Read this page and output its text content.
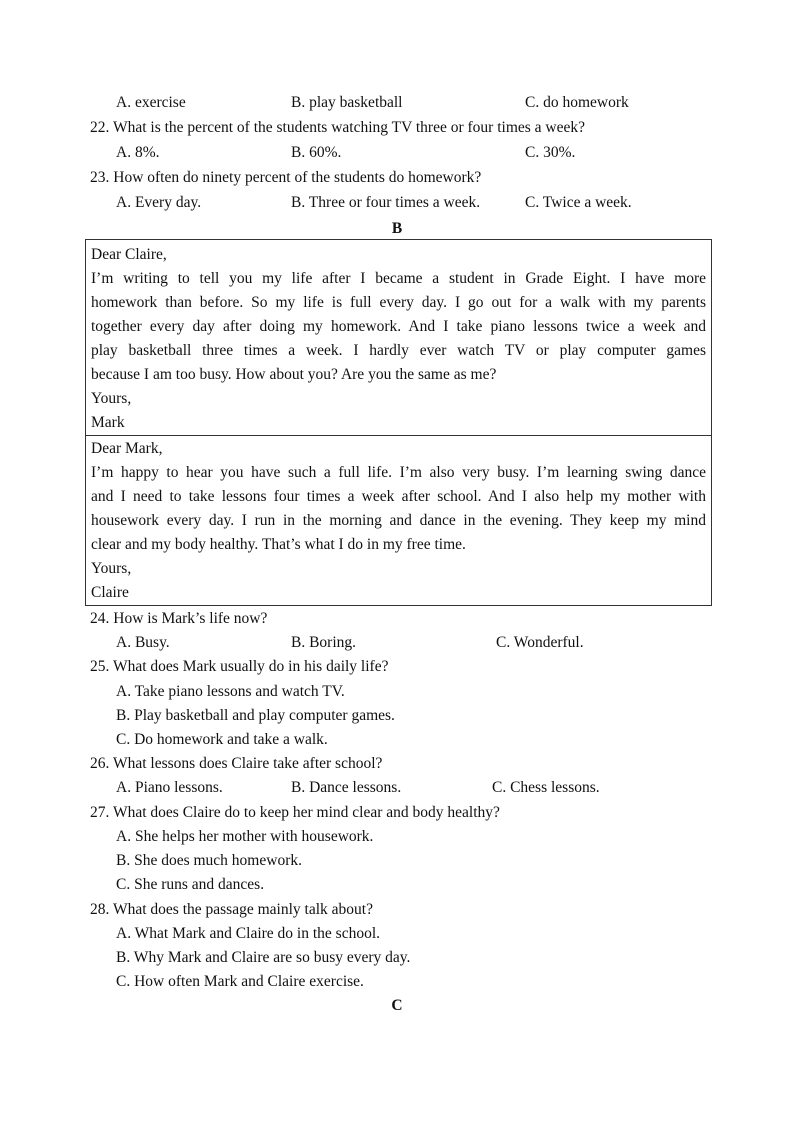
A. exercise	B. play basketball	C. do homework
22. What is the percent of the students watching TV three or four times a week?
A. 8%.	B. 60%.	C. 30%.
23. How often do ninety percent of the students do homework?
A. Every day.	B. Three or four times a week.	C. Twice a week.
B
Dear Claire,
I’m writing to tell you my life after I became a student in Grade Eight. I have more
homework than before. So my life is full every day. I go out for a walk with my parents
together every day after doing my homework. And I take piano lessons twice a week and
play basketball three times a week. I hardly ever watch TV or play computer games
because I am too busy. How about you? Are you the same as me?
Yours,
Mark
Dear Mark,
I’m happy to hear you have such a full life. I’m also very busy. I’m learning swing dance
and I need to take lessons four times a week after school. And I also help my mother with
housework every day. I run in the morning and dance in the evening. They keep my mind
clear and my body healthy. That’s what I do in my free time.
Yours,
Claire
24. How is Mark’s life now?
A. Busy.	B. Boring.	C. Wonderful.
25. What does Mark usually do in his daily life?
A. Take piano lessons and watch TV.
B. Play basketball and play computer games.
C. Do homework and take a walk.
26. What lessons does Claire take after school?
A. Piano lessons.	B. Dance lessons.	C. Chess lessons.
27. What does Claire do to keep her mind clear and body healthy?
A. She helps her mother with housework.
B. She does much homework.
C. She runs and dances.
28. What does the passage mainly talk about?
A. What Mark and Claire do in the school.
B. Why Mark and Claire are so busy every day.
C. How often Mark and Claire exercise.
C
